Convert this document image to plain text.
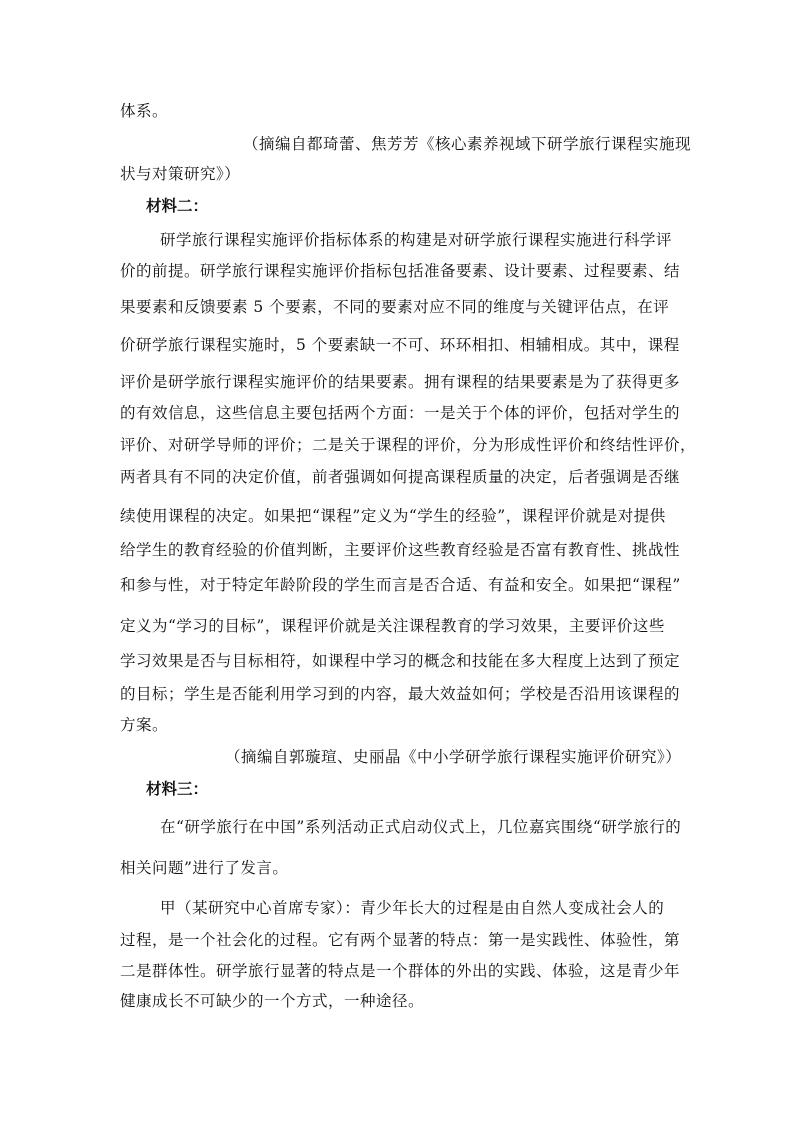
体系。
（摘编自都琦蕾、焦芳芳《核心素养视域下研学旅行课程实施现
状与对策研究》）
材料二：
研学旅行课程实施评价指标体系的构建是对研学旅行课程实施进行科学评
价的前提。研学旅行课程实施评价指标包括准备要素、设计要素、过程要素、结
果要素和反馈要素 5 个要素，不同的要素对应不同的维度与关键评估点，在评
价研学旅行课程实施时，5 个要素缺一不可、环环相扣、相辅相成。其中，课程
评价是研学旅行课程实施评价的结果要素。拥有课程的结果要素是为了获得更多
的有效信息，这些信息主要包括两个方面：一是关于个体的评价，包括对学生的
评价、对研学导师的评价；二是关于课程的评价，分为形成性评价和终结性评价，
两者具有不同的决定价值，前者强调如何提高课程质量的决定，后者强调是否继
续使用课程的决定。如果把“课程”定义为“学生的经验”，课程评价就是对提供
给学生的教育经验的价值判断，主要评价这些教育经验是否富有教育性、挑战性
和参与性，对于特定年龄阶段的学生而言是否合适、有益和安全。如果把“课程”
定义为“学习的目标”，课程评价就是关注课程教育的学习效果，主要评价这些
学习效果是否与目标相符，如课程中学习的概念和技能在多大程度上达到了预定
的目标；学生是否能利用学习到的内容，最大效益如何；学校是否沿用该课程的
方案。
（摘编自郭璇瑄、史丽晶《中小学研学旅行课程实施评价研究》）
材料三：
在“研学旅行在中国”系列活动正式启动仪式上，几位嘉宾围绕“研学旅行的
相关问题”进行了发言。
甲（某研究中心首席专家）：青少年长大的过程是由自然人变成社会人的
过程，是一个社会化的过程。它有两个显著的特点：第一是实践性、体验性，第
二是群体性。研学旅行显著的特点是一个群体的外出的实践、体验，这是青少年
健康成长不可缺少的一个方式，一种途径。
